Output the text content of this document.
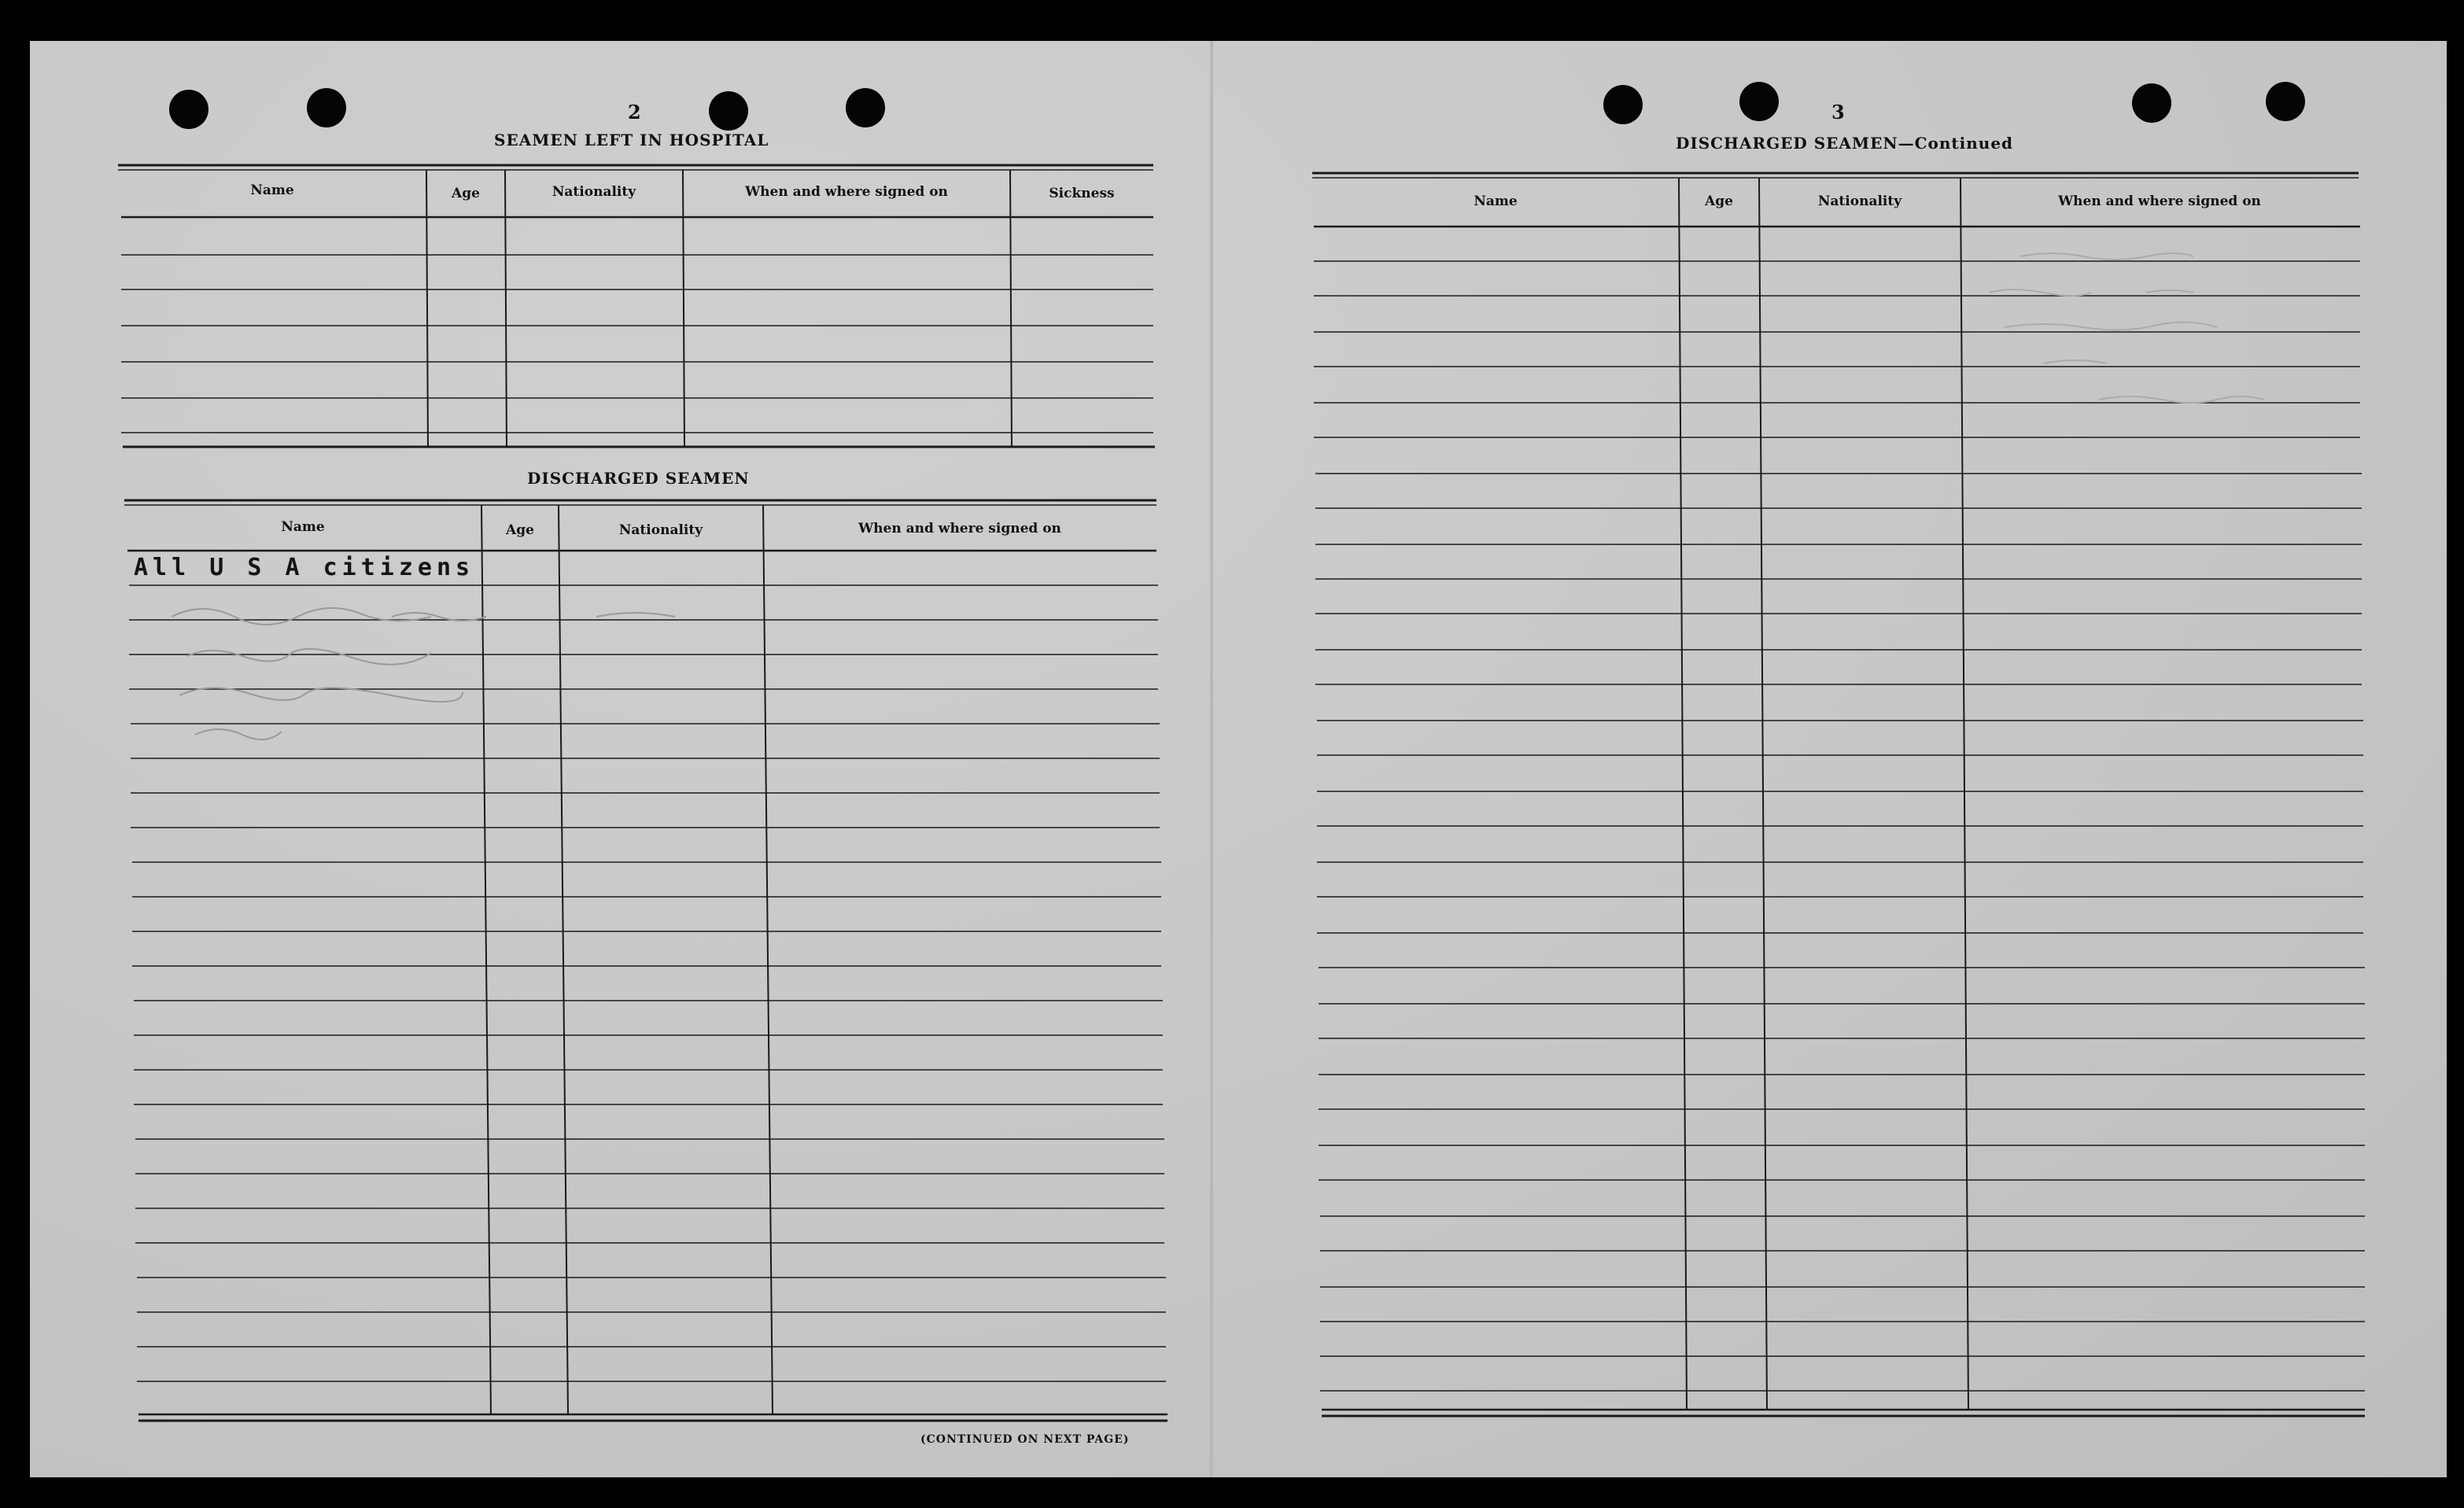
2
SEAMEN LEFT IN HOSPITAL
Name	Age	Nationality	When and where signed on	Sickness
DISCHARGED SEAMEN
Name	Age	Nationality	When and where signed on
All U S A citizens
(CONTINUED ON NEXT PAGE)
3
DISCHARGED SEAMEN—Continued
Name	Age	Nationality	When and where signed on
